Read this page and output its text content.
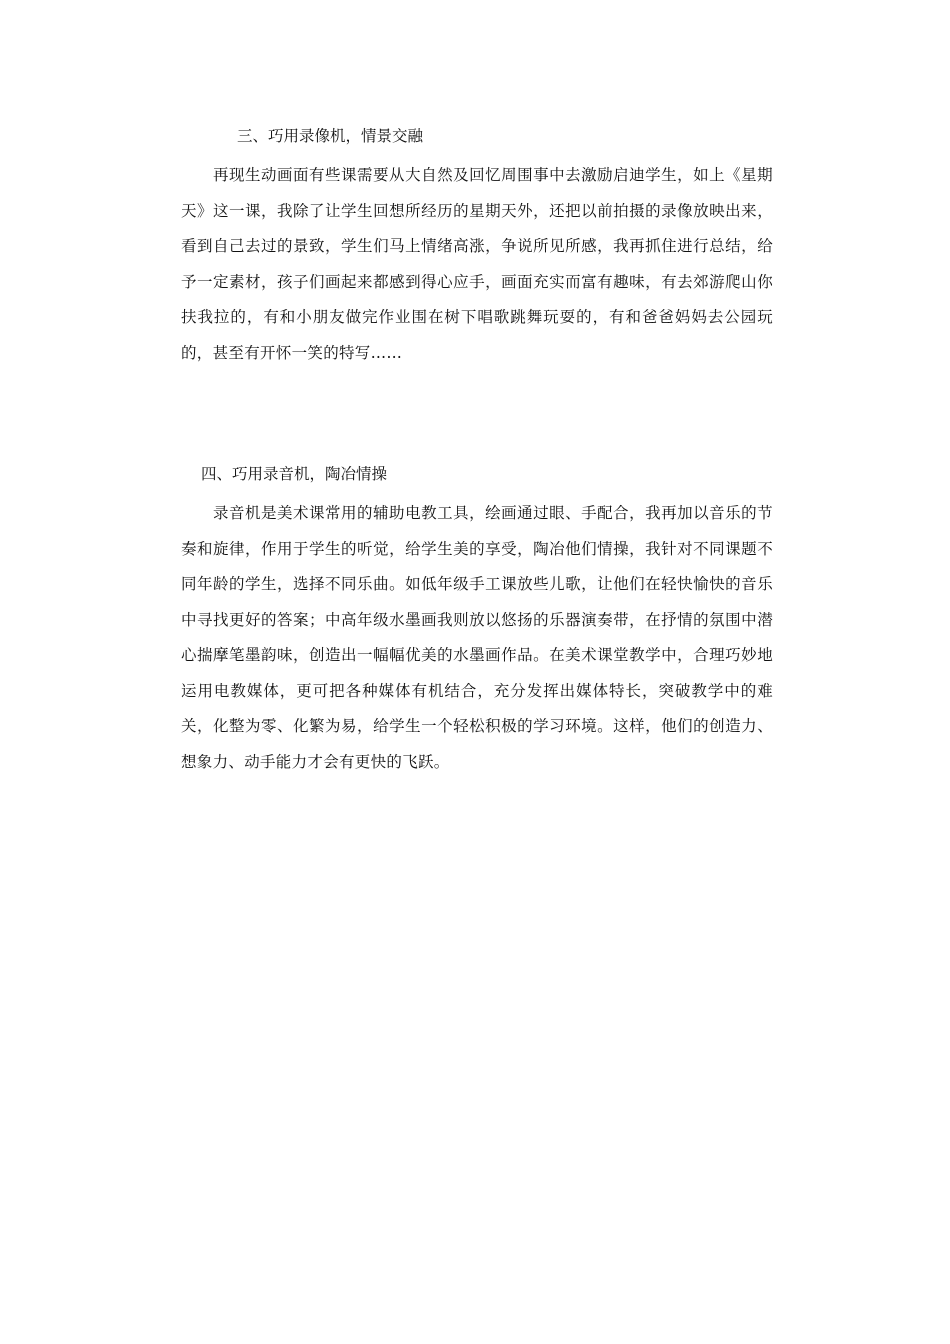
三、巧用录像机，情景交融

再现生动画面有些课需要从大自然及回忆周围事中去激励启迪学生，如上《星期天》这一课，我除了让学生回想所经历的星期天外，还把以前拍摄的录像放映出来，看到自己去过的景致，学生们马上情绪高涨，争说所见所感，我再抓住进行总结，给予一定素材，孩子们画起来都感到得心应手，画面充实而富有趣味，有去郊游爬山你扶我拉的，有和小朋友做完作业围在树下唱歌跳舞玩耍的，有和爸爸妈妈去公园玩的，甚至有开怀一笑的特写……

四、巧用录音机，陶冶情操

录音机是美术课常用的辅助电教工具，绘画通过眼、手配合，我再加以音乐的节奏和旋律，作用于学生的听觉，给学生美的享受，陶冶他们情操，我针对不同课题不同年龄的学生，选择不同乐曲。如低年级手工课放些儿歌，让他们在轻快愉快的音乐中寻找更好的答案；中高年级水墨画我则放以悠扬的乐器演奏带，在抒情的氛围中潜心揣摩笔墨韵味，创造出一幅幅优美的水墨画作品。在美术课堂教学中，合理巧妙地运用电教媒体，更可把各种媒体有机结合，充分发挥出媒体特长，突破教学中的难关，化整为零、化繁为易，给学生一个轻松积极的学习环境。这样，他们的创造力、想象力、动手能力才会有更快的飞跃。
